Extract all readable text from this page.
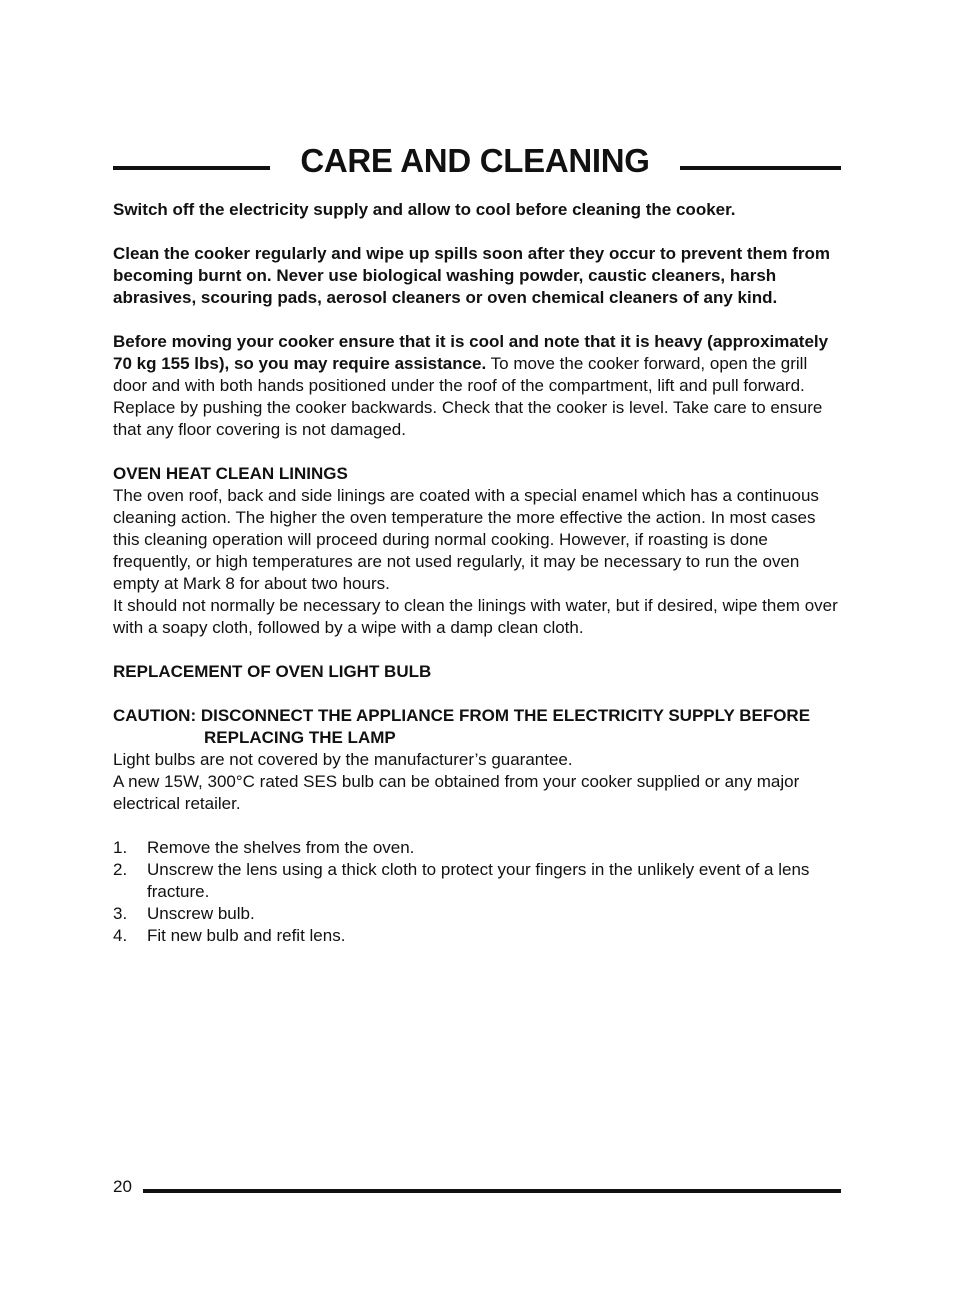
CARE AND CLEANING

Switch off the electricity supply and allow to cool before cleaning the cooker.

Clean the cooker regularly and wipe up spills soon after they occur to prevent them from becoming burnt on. Never use biological washing powder, caustic cleaners, harsh abrasives, scouring pads, aerosol cleaners or oven chemical cleaners of any kind.

Before moving your cooker ensure that it is cool and note that it is heavy (approximately 70 kg 155 lbs), so you may require assistance. To move the cooker forward, open the grill door and with both hands positioned under the roof of the compartment, lift and pull forward. Replace by pushing the cooker backwards. Check that the cooker is level. Take care to ensure that any floor covering is not damaged.

OVEN HEAT CLEAN LININGS
The oven roof, back and side linings are coated with a special enamel which has a continuous cleaning action. The higher the oven temperature the more effective the action. In most cases this cleaning operation will proceed during normal cooking. However, if roasting is done frequently, or high temperatures are not used regularly, it may be necessary to run the oven empty at Mark 8 for about two hours.

It should not normally be necessary to clean the linings with water, but if desired, wipe them over with a soapy cloth, followed by a wipe with a damp clean cloth.

REPLACEMENT OF OVEN LIGHT BULB

CAUTION: DISCONNECT THE APPLIANCE FROM THE ELECTRICITY SUPPLY BEFORE
REPLACING THE LAMP
Light bulbs are not covered by the manufacturer’s guarantee.

A new 15W, 300°C rated SES bulb can be obtained from your cooker supplied or any major electrical retailer.

1. Remove the shelves from the oven.
2. Unscrew the lens using a thick cloth to protect your fingers in the unlikely event of a lens fracture.
3. Unscrew bulb.
4. Fit new bulb and refit lens.
20
